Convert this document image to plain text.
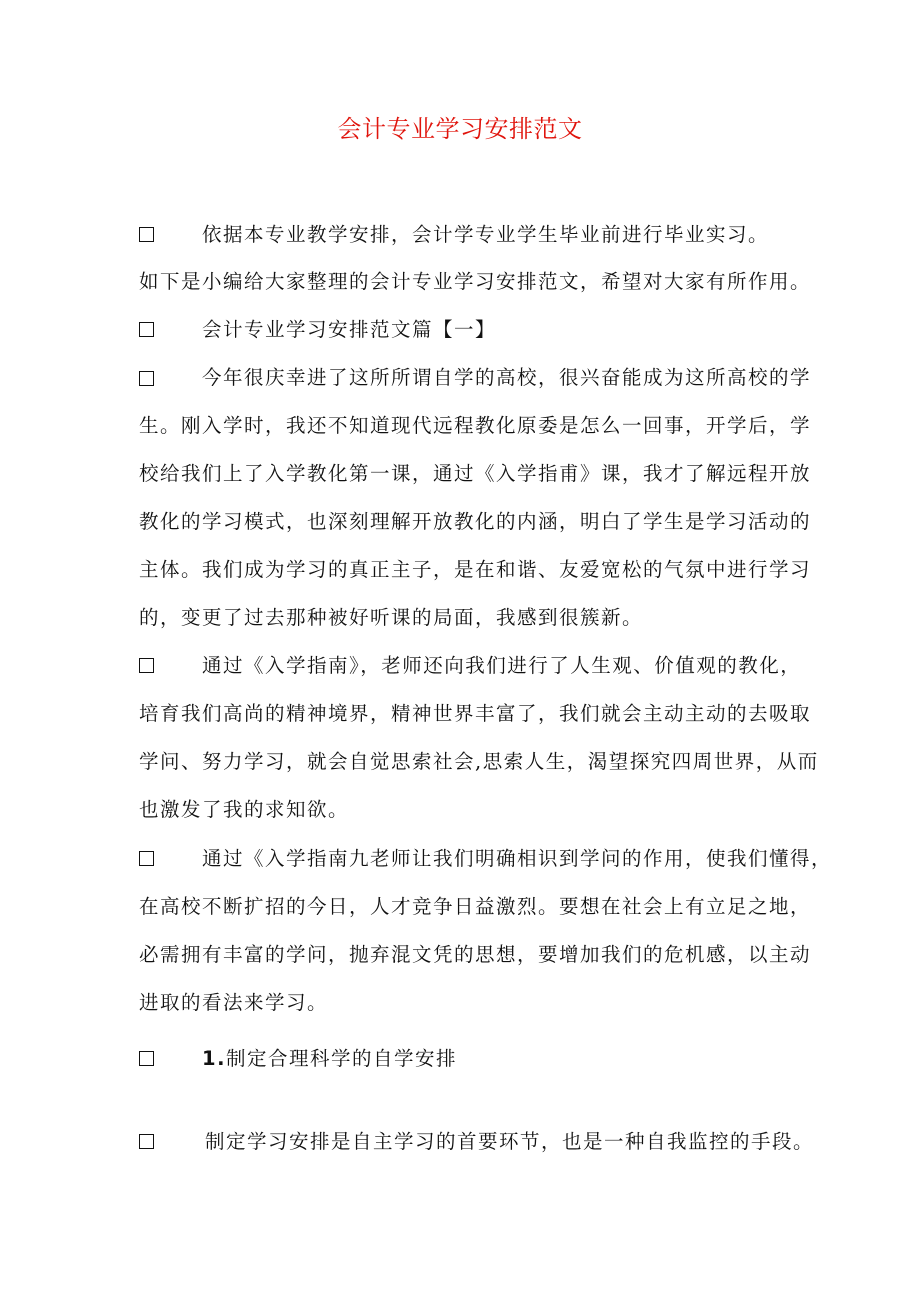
会计专业学习安排范文
依据本专业教学安排，会计学专业学生毕业前进行毕业实习。
如下是小编给大家整理的会计专业学习安排范文，希望对大家有所作用。
会计专业学习安排范文篇【一】
今年很庆幸进了这所所谓自学的高校，很兴奋能成为这所高校的学
生。刚入学时，我还不知道现代远程教化原委是怎么一回事，开学后，学
校给我们上了入学教化第一课，通过《入学指甫》课，我才了解远程开放
教化的学习模式，也深刻理解开放教化的内涵，明白了学生是学习活动的
主体。我们成为学习的真正主子，是在和谐、友爱宽松的气氛中进行学习
的，变更了过去那种被好听课的局面，我感到很簇新。
通过《入学指南》，老师还向我们进行了人生观、价值观的教化，
培育我们高尚的精神境界，精神世界丰富了，我们就会主动主动的去吸取
学问、努力学习，就会自觉思索社会,思索人生，渴望探究四周世界，从而
也激发了我的求知欲。
通过《入学指南九老师让我们明确相识到学问的作用，使我们懂得，
在高校不断扩招的今日，人才竞争日益激烈。要想在社会上有立足之地，
必需拥有丰富的学问，抛弃混文凭的思想，要增加我们的危机感，以主动
进取的看法来学习。
1.制定合理科学的自学安排
制定学习安排是自主学习的首要环节，也是一种自我监控的手段。
